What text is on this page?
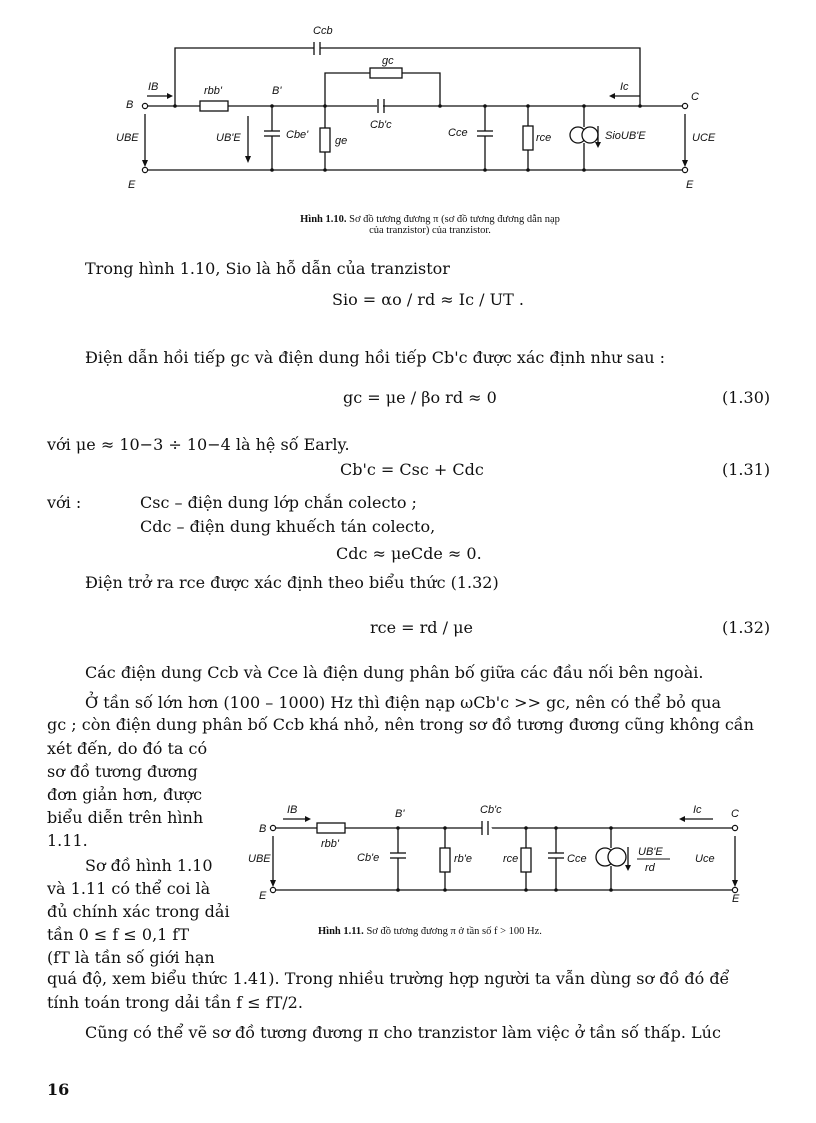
Ccb
gc
IB	rbb'	B'
B
Cb'c
Ic
C
UBE	UB'E	Cbe' ge
Cce	rce	SioUB'E	UCE
E	E
Hình 1.10. Sơ đồ tương đương π (sơ đồ tương đương dẫn nạp
của tranzistor) của tranzistor.
Trong hình 1.10, Sio là hỗ dẫn của tranzistor
Sio = αo / rd ≈ Ic / UT .
Điện dẫn hồi tiếp gc và điện dung hồi tiếp Cb'c được xác định như sau :
gc = μe / βo rd ≈ 0	(1.30)
với μe ≈ 10−3 ÷ 10−4 là hệ số Early.
Cb'c = Csc + Cdc	(1.31)
với :	Csc – điện dung lớp chắn colecto ;
Cdc – điện dung khuếch tán colecto,
Cdc ≈ μeCde ≈ 0.
Điện trở ra rce được xác định theo biểu thức (1.32)
rce = rd / μe	(1.32)
Các điện dung Ccb và Cce là điện dung phân bố giữa các đầu nối bên ngoài.
Ở tần số lớn hơn (100 – 1000) Hz thì điện nạp ωCb'c >> gc, nên có thể bỏ qua
gc ; còn điện dung phân bố Ccb khá nhỏ, nên trong sơ đồ tương đương cũng không cần
xét đến, do đó ta có
sơ đồ tương đương
đơn giản hơn, được
biểu diễn trên hình
1.11.
Sơ đồ hình 1.10
và 1.11 có thể coi là
đủ chính xác trong dải
tần 0 ≤ f ≤ 0,1 fT
(fT là tần số giới hạn
IB
B
rbb'
B'	Cb'c	Ic	C
UBE	Cb'e	rb'e	rce	Cce
UB'E
rd
Uce
E	E
Hình 1.11. Sơ đồ tương đương π ở tần số f > 100 Hz.
quá độ, xem biểu thức 1.41). Trong nhiều trường hợp người ta vẫn dùng sơ đồ đó để
tính toán trong dải tần f ≤ fT/2.
Cũng có thể vẽ sơ đồ tương đương π cho tranzistor làm việc ở tần số thấp. Lúc
16
